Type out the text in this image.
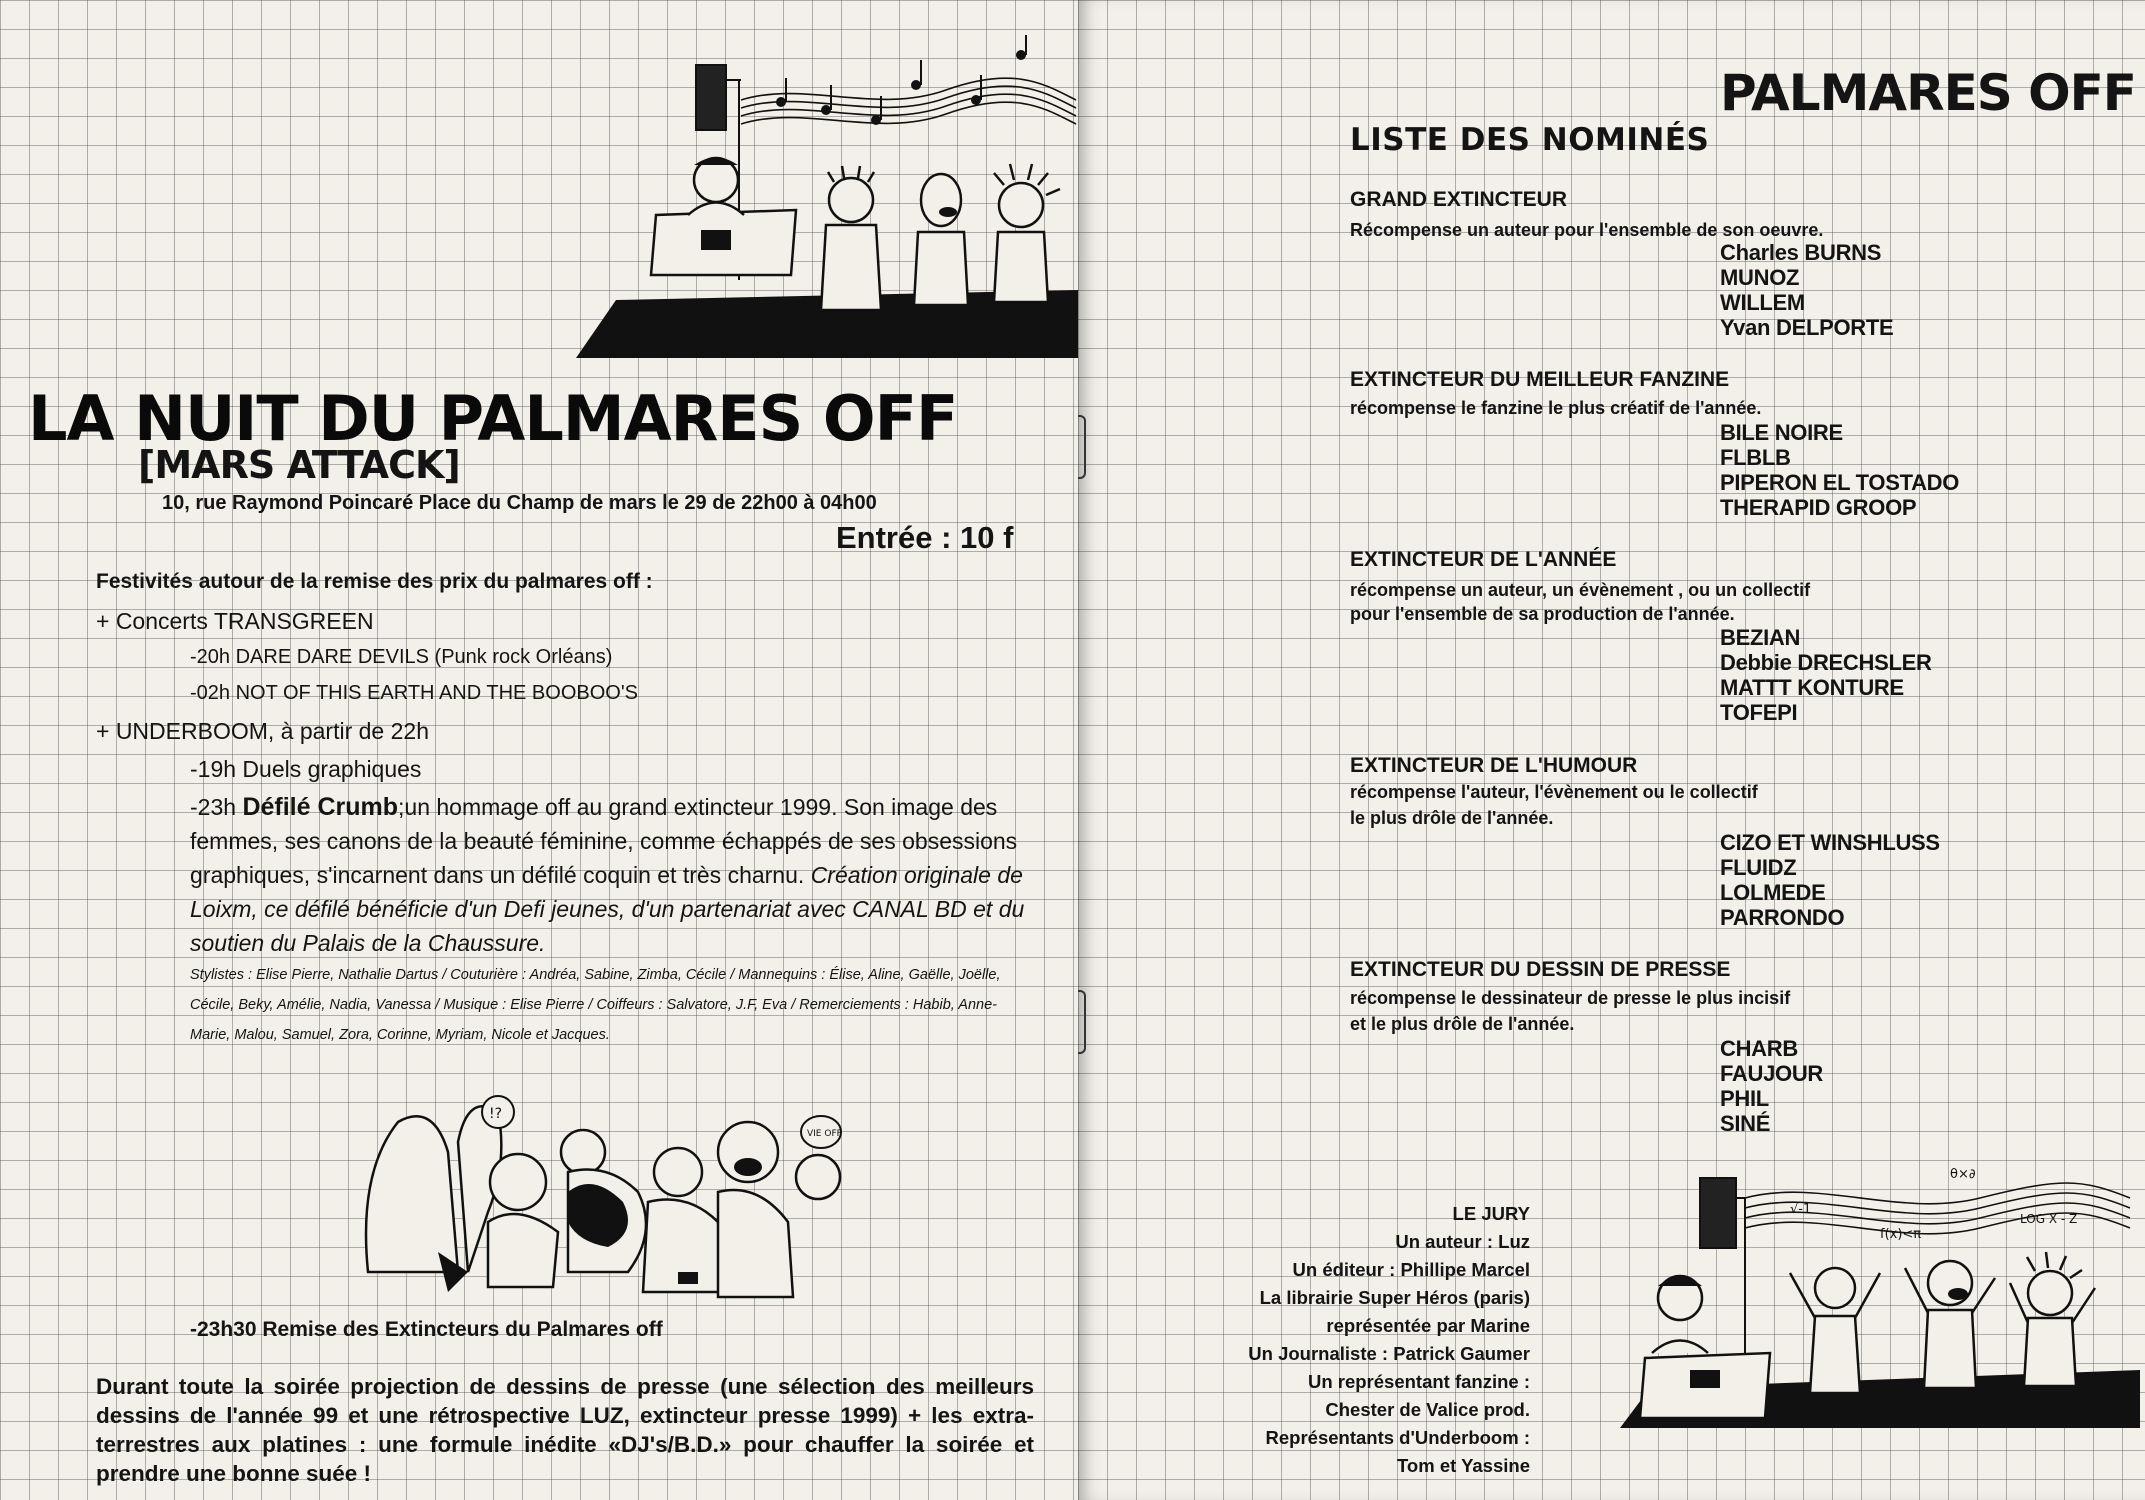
LA NUIT DU PALMARES OFF
[MARS ATTACK]
10, rue Raymond Poincaré Place du Champ de mars le 29 de 22h00 à 04h00
Entrée : 10 f
Festivités autour de la remise des prix du palmares off :
+ Concerts TRANSGREEN
-20h DARE DARE DEVILS (Punk rock Orléans)
-02h NOT OF THIS EARTH AND THE BOOBOO'S
+ UNDERBOOM, à partir de 22h
-19h Duels graphiques
-23h Défilé Crumb;un hommage off au grand extincteur 1999. Son image des femmes, ses canons de la beauté féminine, comme échappés de ses obsessions graphiques, s'incarnent dans un défilé coquin et très charnu. Création originale de Loixm, ce défilé bénéficie d'un Defi jeunes, d'un partenariat avec CANAL BD et du soutien du Palais de la Chaussure.
Stylistes : Elise Pierre, Nathalie Dartus / Couturière : Andréa, Sabine, Zimba, Cécile / Mannequins : Élise, Aline, Gaëlle, Joëlle, Cécile, Beky, Amélie, Nadia, Vanessa / Musique : Elise Pierre / Coiffeurs : Salvatore, J.F, Eva / Remerciements : Habib, Anne-Marie, Malou, Samuel, Zora, Corinne, Myriam, Nicole et Jacques.
!?
VIE OFF
-23h30 Remise des Extincteurs du Palmares off
Durant toute la soirée projection de dessins de presse (une sélection des meilleurs dessins de l'année 99 et une rétrospective LUZ, extincteur presse 1999) + les extra-terrestres aux platines : une formule inédite «DJ's/B.D.» pour chauffer la soirée et prendre une bonne suée !
PALMARES OFF
LISTE DES NOMINÉS
GRAND EXTINCTEUR
Récompense un auteur pour l'ensemble de son oeuvre.
Charles BURNS
MUNOZ
WILLEM
Yvan DELPORTE
EXTINCTEUR DU MEILLEUR FANZINE
récompense le fanzine le plus créatif de l'année.
BILE NOIRE
FLBLB
PIPERON EL TOSTADO
THERAPID GROOP
EXTINCTEUR DE L'ANNÉE
récompense un auteur, un évènement , ou un collectif
pour l'ensemble de sa production de l'année.
BEZIAN
Debbie DRECHSLER
MATTT KONTURE
TOFEPI
EXTINCTEUR DE L'HUMOUR
récompense l'auteur, l'évènement ou le collectif
le plus drôle de l'année.
CIZO ET WINSHLUSS
FLUIDZ
LOLMEDE
PARRONDO
EXTINCTEUR DU DESSIN DE PRESSE
récompense le dessinateur de presse le plus incisif
et le plus drôle de l'année.
CHARB
FAUJOUR
PHIL
SINÉ
LE JURY
Un auteur : Luz
Un éditeur : Phillipe Marcel
La librairie Super Héros (paris)
représentée par Marine
Un Journaliste : Patrick Gaumer
Un représentant fanzine :
Chester de Valice prod.
Représentants d'Underboom :
Tom et Yassine
√-1
f(x)<π
LOG X - Z
θ×∂
